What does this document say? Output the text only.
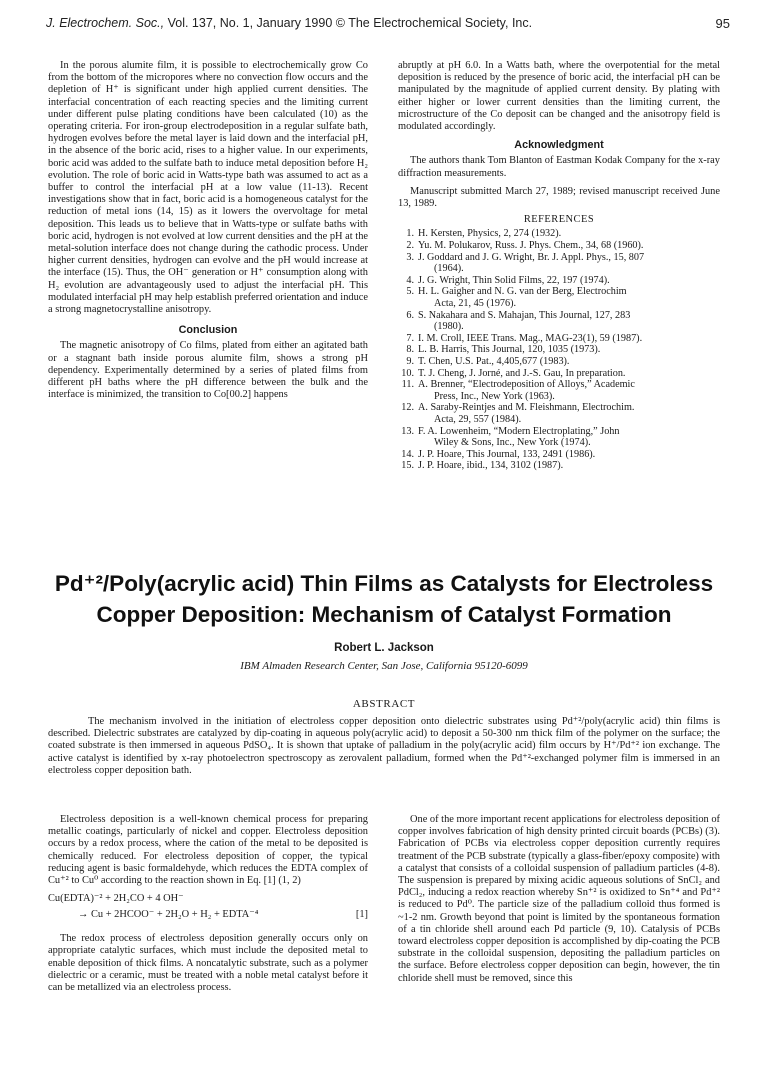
J. Electrochem. Soc., Vol. 137, No. 1, January 1990 © The Electrochemical Society, Inc.	95

In the porous alumite film, it is possible to electrochemically grow Co from the bottom of the micropores where no convection flow occurs and the depletion of H⁺ is significant under high applied current densities. The interfacial concentration of each reacting species and the limiting current under different pulse plating conditions have been calculated (10) as the operating criteria. For iron-group electrodeposition in a regular sulfate bath, hydrogen evolves before the metal layer is laid down and the interfacial pH, in the absence of the boric acid, rises to a higher value. In our experiments, boric acid was added to the sulfate bath to induce metal deposition before H₂ evolution. The role of boric acid in Watts-type bath was assumed to act as a buffer to control the interfacial pH at a low value (11-13). Recent investigations show that in fact, boric acid is a homogeneous catalyst for the reduction of metal ions (14, 15) as it lowers the overvoltage for metal deposition. This leads us to believe that in Watts-type or sulfate baths with boric acid, hydrogen is not evolved at low current densities and the pH at the metal-solution interface does not change during the cathodic process. Under higher current densities, hydrogen can evolve and the pH would increase at the interface (15). Thus, the OH⁻ generation or H⁺ consumption along with H₂ evolution are advantageously used to adjust the interfacial pH. This modulated interfacial pH may help establish preferred orientation and induce a strong magnetocrystalline anisotropy.

Conclusion

The magnetic anisotropy of Co films, plated from either an agitated bath or a stagnant bath inside porous alumite film, shows a strong pH dependency. Experimentally determined by a series of plated films from different pH baths where the pH difference between the bulk and the interface is minimized, the transition to Co[00.2] happens

abruptly at pH 6.0. In a Watts bath, where the overpotential for the metal deposition is reduced by the presence of boric acid, the interfacial pH can be manipulated by the magnitude of applied current density. By plating with either higher or lower current densities than the limiting current, the microstructure of the Co deposit can be changed and the anisotropy field is modulated accordingly.

Acknowledgment

The authors thank Tom Blanton of Eastman Kodak Company for the x-ray diffraction measurements.

Manuscript submitted March 27, 1989; revised manuscript received June 13, 1989.

REFERENCES
1. H. Kersten, Physics, 2, 274 (1932).
2. Yu. M. Polukarov, Russ. J. Phys. Chem., 34, 68 (1960).
3. J. Goddard and J. G. Wright, Br. J. Appl. Phys., 15, 807
(1964).
4. J. G. Wright, Thin Solid Films, 22, 197 (1974).
5. H. L. Gaigher and N. G. van der Berg, Electrochim
Acta, 21, 45 (1976).
6. S. Nakahara and S. Mahajan, This Journal, 127, 283
(1980).
7. I. M. Croll, IEEE Trans. Mag., MAG-23(1), 59 (1987).
8. L. B. Harris, This Journal, 120, 1035 (1973).
9. T. Chen, U.S. Pat., 4,405,677 (1983).
10. T. J. Cheng, J. Jorné, and J.-S. Gau, In preparation.
11. A. Brenner, “Electrodeposition of Alloys,” Academic
Press, Inc., New York (1963).
12. A. Saraby-Reintjes and M. Fleishmann, Electrochim.
Acta, 29, 557 (1984).
13. F. A. Lowenheim, “Modern Electroplating,” John
Wiley & Sons, Inc., New York (1974).
14. J. P. Hoare, This Journal, 133, 2491 (1986).
15. J. P. Hoare, ibid., 134, 3102 (1987).
Pd⁺²/Poly(acrylic acid) Thin Films as Catalysts for Electroless
Copper Deposition: Mechanism of Catalyst Formation
Robert L. Jackson
IBM Almaden Research Center, San Jose, California 95120-6099
ABSTRACT

The mechanism involved in the initiation of electroless copper deposition onto dielectric substrates using Pd⁺²/poly(acrylic acid) thin films is described. Dielectric substrates are catalyzed by dip-coating in aqueous poly(acrylic acid) to deposit a 50-300 nm thick film of the polymer on the surface; the coated substrate is then immersed in aqueous PdSO₄. It is shown that uptake of palladium in the poly(acrylic acid) film occurs by H⁺/Pd⁺² ion exchange. The active catalyst is identified by x-ray photoelectron spectroscopy as zerovalent palladium, formed when the Pd⁺²-exchanged polymer film is immersed in an electroless copper deposition bath.

Electroless deposition is a well-known chemical process for preparing metallic coatings, particularly of nickel and copper. Electroless deposition occurs by a redox process, where the cation of the metal to be deposited is chemically reduced. For electroless deposition of copper, the typical reducing agent is basic formaldehyde, which reduces the EDTA complex of Cu⁺² to Cu⁰ according to the reaction shown in Eq. [1] (1, 2)

Cu(EDTA)⁻² + 2H₂CO + 4 OH⁻
→ Cu + 2HCOO⁻ + 2H₂O + H₂ + EDTA⁻⁴	[1]

The redox process of electroless deposition generally occurs only on appropriate catalytic surfaces, which must include the deposited metal to enable deposition of thick films. A noncatalytic substrate, such as a polymer dielectric or a ceramic, must be treated with a noble metal catalyst before it can be metallized via an electroless process.

One of the more important recent applications for electroless deposition of copper involves fabrication of high density printed circuit boards (PCBs) (3). Fabrication of PCBs via electroless copper deposition currently requires treatment of the PCB substrate (typically a glass-fiber/epoxy composite) with a catalyst that consists of a colloidal suspension of palladium particles (4-8). The suspension is prepared by mixing acidic aqueous solutions of SnCl₂ and PdCl₂, inducing a redox reaction whereby Sn⁺² is oxidized to Sn⁺⁴ and Pd⁺² is reduced to Pd⁰. The particle size of the palladium colloid thus formed is ~1-2 nm. Growth beyond that point is limited by the spontaneous formation of a tin chloride shell around each Pd particle (9, 10). Catalysis of PCBs toward electroless copper deposition is accomplished by dip-coating the PCB substrate in the colloidal suspension, depositing the palladium particles on the surface. Before electroless copper deposition can begin, however, the tin chloride shell must be removed, since this
